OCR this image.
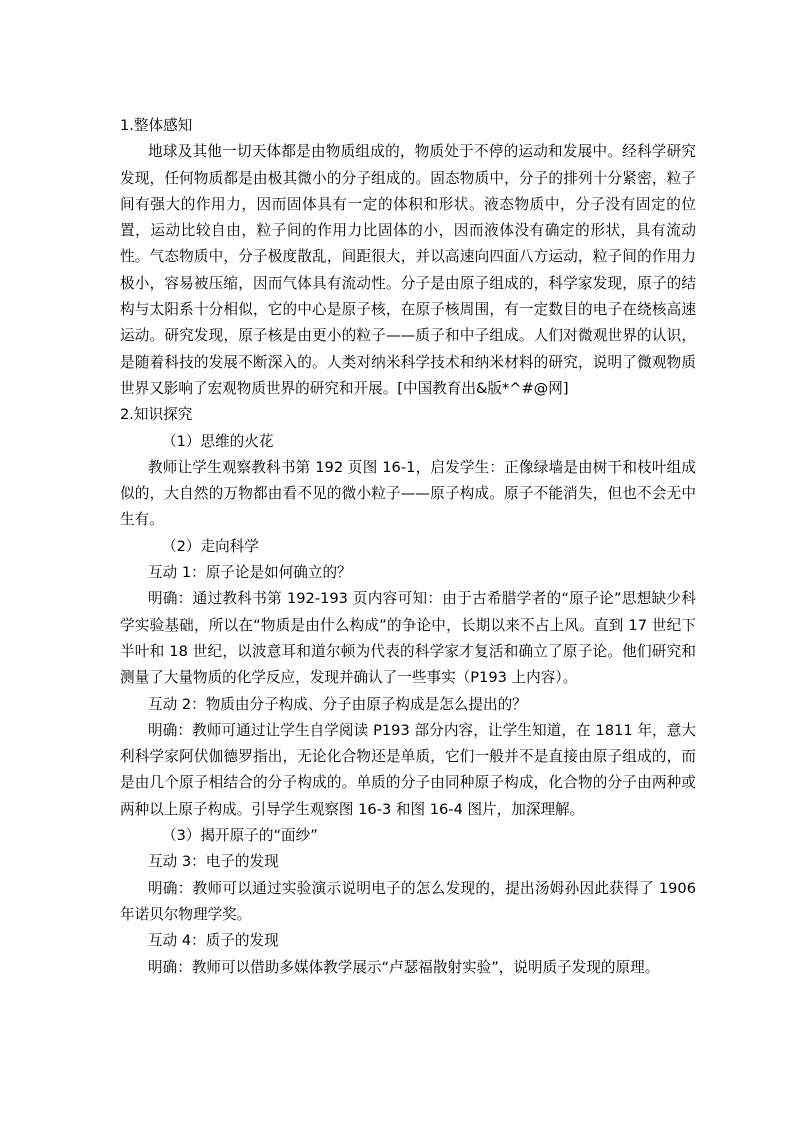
1.整体感知

地球及其他一切天体都是由物质组成的，物质处于不停的运动和发展中。经科学研究发现，任何物质都是由极其微小的分子组成的。固态物质中，分子的排列十分紧密，粒子间有强大的作用力，因而固体具有一定的体积和形状。液态物质中，分子没有固定的位置，运动比较自由，粒子间的作用力比固体的小，因而液体没有确定的形状，具有流动性。气态物质中，分子极度散乱，间距很大，并以高速向四面八方运动，粒子间的作用力极小，容易被压缩，因而气体具有流动性。分子是由原子组成的，科学家发现，原子的结构与太阳系十分相似，它的中心是原子核，在原子核周围，有一定数目的电子在绕核高速运动。研究发现，原子核是由更小的粒子——质子和中子组成。人们对微观世界的认识，是随着科技的发展不断深入的。人类对纳米科学技术和纳米材料的研究，说明了微观物质世界又影响了宏观物质世界的研究和开展。[中国教育出&版*^#@网]

2.知识探究

（1）思维的火花

教师让学生观察教科书第 192 页图 16-1，启发学生：正像绿墙是由树干和枝叶组成似的，大自然的万物都由看不见的微小粒子——原子构成。原子不能消失，但也不会无中生有。

（2）走向科学

互动 1：原子论是如何确立的？

明确：通过教科书第 192-193 页内容可知：由于古希腊学者的“原子论”思想缺少科学实验基础，所以在“物质是由什么构成”的争论中，长期以来不占上风。直到 17 世纪下半叶和 18 世纪，以波意耳和道尔顿为代表的科学家才复活和确立了原子论。他们研究和测量了大量物质的化学反应，发现并确认了一些事实（P193 上内容）。

互动 2：物质由分子构成、分子由原子构成是怎么提出的？

明确：教师可通过让学生自学阅读 P193 部分内容，让学生知道，在 1811 年，意大利科学家阿伏伽德罗指出，无论化合物还是单质，它们一般并不是直接由原子组成的，而是由几个原子相结合的分子构成的。单质的分子由同种原子构成，化合物的分子由两种或两种以上原子构成。引导学生观察图 16-3 和图 16-4 图片，加深理解。

（3）揭开原子的“面纱”

互动 3：电子的发现

明确：教师可以通过实验演示说明电子的怎么发现的，提出汤姆孙因此获得了 1906 年诺贝尔物理学奖。

互动 4：质子的发现

明确：教师可以借助多媒体教学展示“卢瑟福散射实验”，说明质子发现的原理。
